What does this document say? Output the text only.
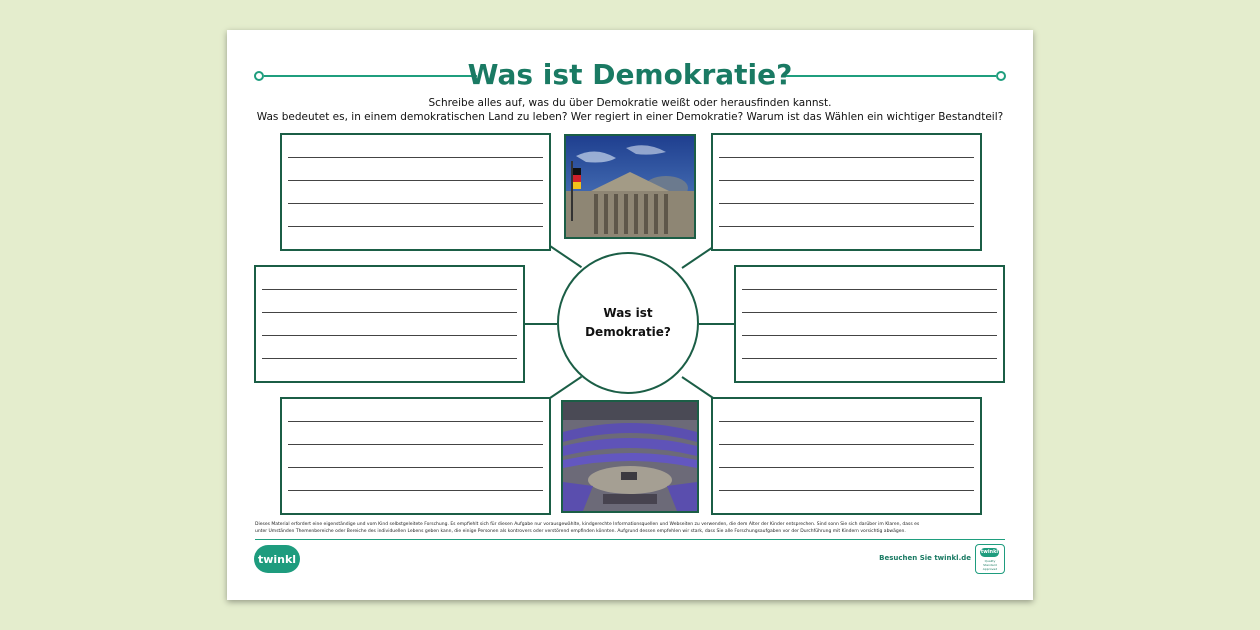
Was ist Demokratie?
Schreibe alles auf, was du über Demokratie weißt oder herausfinden kannst.
Was bedeutet es, in einem demokratischen Land zu leben? Wer regiert in einer Demokratie? Warum ist das Wählen ein wichtiger Bestandteil?
Was ist
Demokratie?
Dieses Material erfordert eine eigenständige und vom Kind selbstgeleitete Forschung. Es empfiehlt sich für diesen Aufgabe nur vorausgewählte, kindgerechte Informationsquellen und Webseiten zu verwenden, die dem Alter der Kinder entsprechen. Sind sonn Sie sich darüber im Klaren, dass es
unter Umständen Themenbereiche oder Bereiche des individuellen Lebens geben kann, die einige Personen als kontrovers oder verstörend empfinden könnten. Aufgrund dessen empfehlen wir stark, dass Sie alle Forschungsaufgaben vor der Durchführung mit Kindern vorsichtig abwägen.
twinkl	Besuchen Sie twinkl.de
twinkl
Quality Standard Approved
